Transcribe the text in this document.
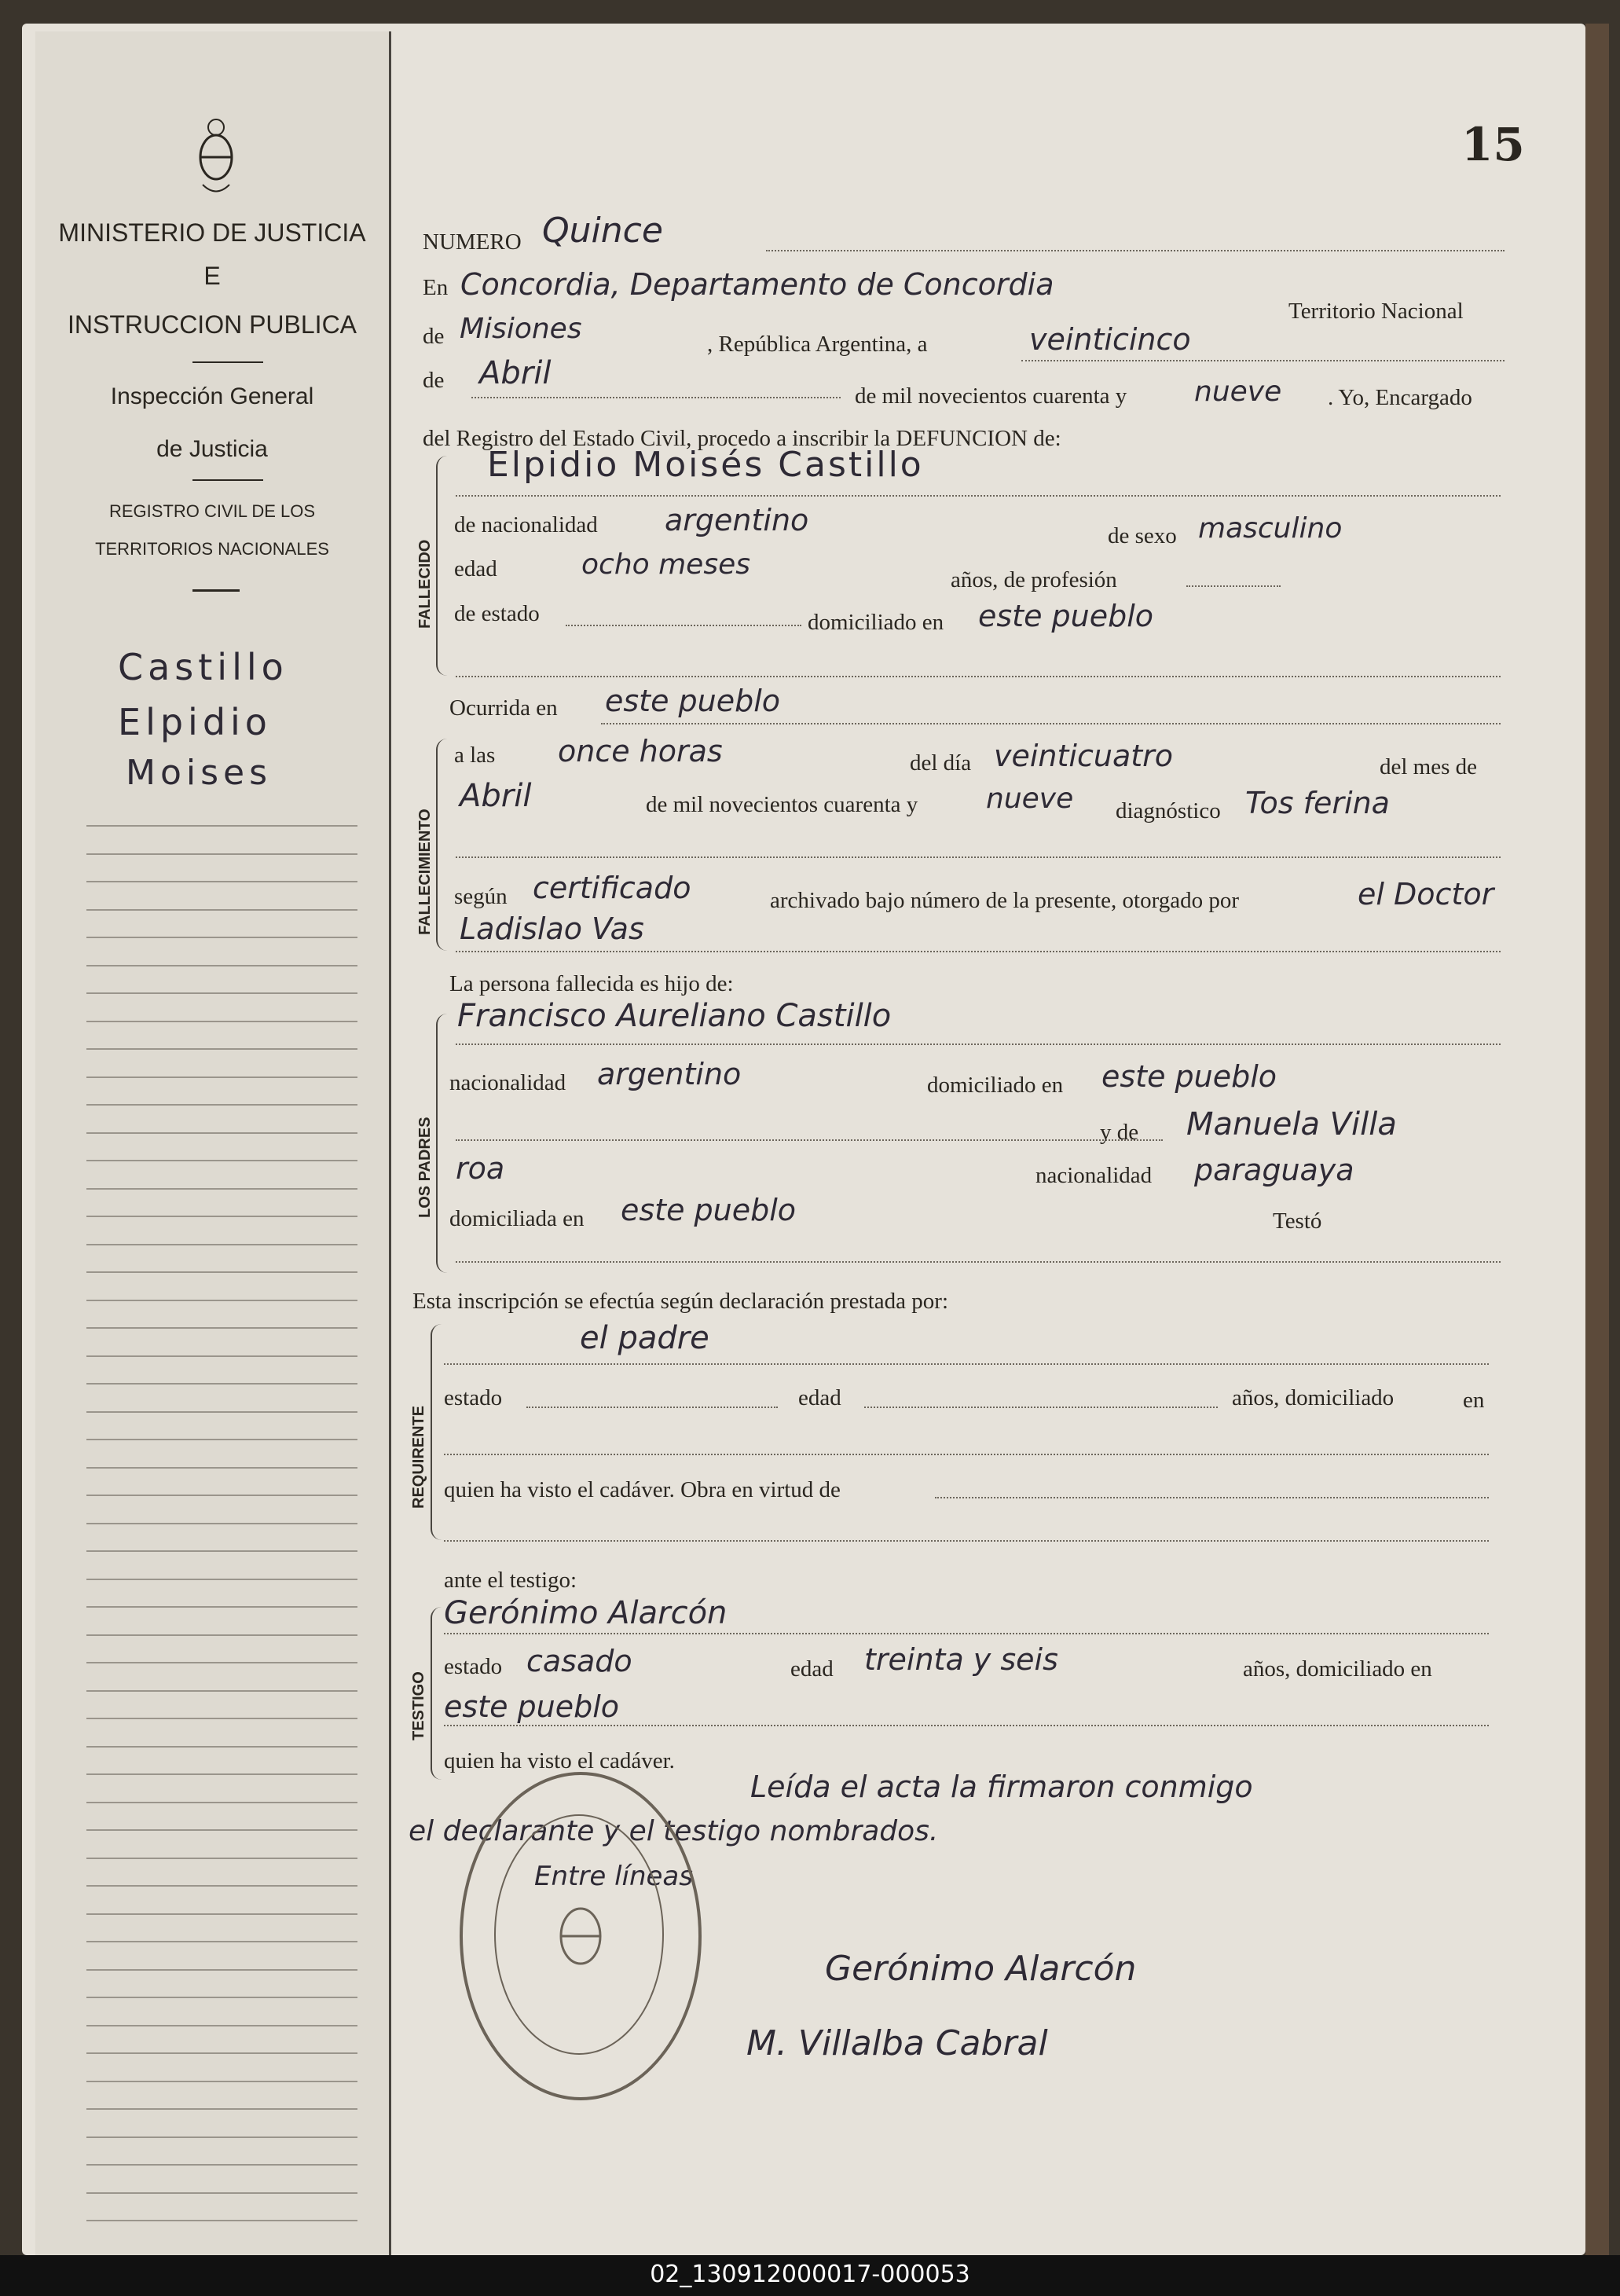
MINISTERIO DE JUSTICIA
E
INSTRUCCION PUBLICA
Inspección General
de Justicia
REGISTRO CIVIL DE LOS
TERRITORIOS NACIONALES
Castillo
Elpidio
Moises
15
NUMERO Quince
En Concordia, Departamento de Concordia
Territorio Nacional
de Misiones	, República Argentina, a	veinticinco
de Abril
de mil novecientos cuarenta y nueve . Yo, Encargado
del Registro del Estado Civil, procedo a inscribir la DEFUNCION de:
FALLECIDO
Elpidio Moisés Castillo
de nacionalidad argentino	de sexo masculino
edad	ocho meses	años, de profesión
de estado	domiciliado en este pueblo
FALLECIMIENTO
Ocurrida en este pueblo
a las once horas	del día veinticuatro	del mes de
Abril	de mil novecientos cuarenta y nueve diagnóstico Tos ferina
según certificado	archivado bajo número de la presente, otorgado por	el Doctor
Ladislao Vas
LOS PADRES
La persona fallecida es hijo de:
Francisco Aureliano Castillo
nacionalidad argentino	domiciliado en este pueblo
y de Manuela Villa
roa	nacionalidad paraguaya
domiciliada en este pueblo	Testó
Esta inscripción se efectúa según declaración prestada por:
REQUIRENTE
el padre
estado	edad	años, domiciliado	en
quien ha visto el cadáver. Obra en virtud de
ante el testigo:
TESTIGO
Gerónimo Alarcón
estado casado	edad treinta y seis	años, domiciliado en
este pueblo
quien ha visto el cadáver.
Leída el acta la firmaron conmigo
el declarante y el testigo nombrados.
Entre líneas
Gerónimo Alarcón
M. Villalba Cabral
02_130912000017-000053
